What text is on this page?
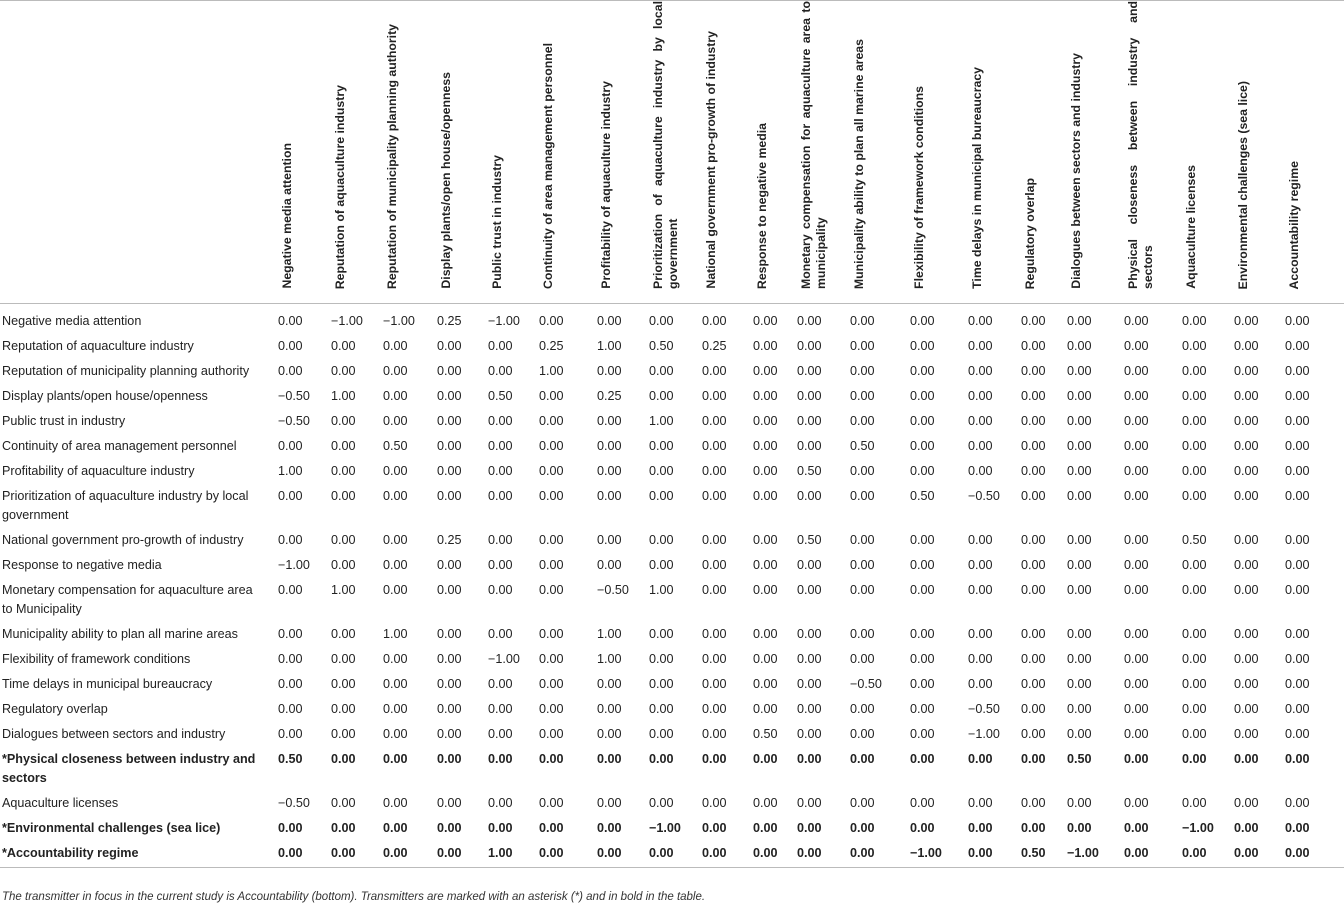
	Negative media attention	Reputation of aquaculture industry	Reputation of municipality planning authority	Display plants/open house/openness	Public trust in industry	Continuity of area management personnel	Profitability of aquaculture industry	Prioritization of aquaculture industry by local government	National government pro-growth of industry	Response to negative media	Monetary compensation for aquaculture area to municipality	Municipality ability to plan all marine areas	Flexibility of framework conditions	Time delays in municipal bureaucracy	Regulatory overlap	Dialogues between sectors and industry	Physical closeness between industry and sectors	Aquaculture licenses	Environmental challenges (sea lice)	Accountability regime

Negative media attention	0.00	−1.00	−1.00	0.25	−1.00	0.00	0.00	0.00	0.00	0.00	0.00	0.00	0.00	0.00	0.00	0.00	0.00	0.00	0.00	0.00
Reputation of aquaculture industry	0.00	0.00	0.00	0.00	0.00	0.25	1.00	0.50	0.25	0.00	0.00	0.00	0.00	0.00	0.00	0.00	0.00	0.00	0.00	0.00
Reputation of municipality planning authority	0.00	0.00	0.00	0.00	0.00	1.00	0.00	0.00	0.00	0.00	0.00	0.00	0.00	0.00	0.00	0.00	0.00	0.00	0.00	0.00
Display plants/open house/openness	−0.50	1.00	0.00	0.00	0.50	0.00	0.25	0.00	0.00	0.00	0.00	0.00	0.00	0.00	0.00	0.00	0.00	0.00	0.00	0.00
Public trust in industry	−0.50	0.00	0.00	0.00	0.00	0.00	0.00	1.00	0.00	0.00	0.00	0.00	0.00	0.00	0.00	0.00	0.00	0.00	0.00	0.00
Continuity of area management personnel	0.00	0.00	0.50	0.00	0.00	0.00	0.00	0.00	0.00	0.00	0.00	0.50	0.00	0.00	0.00	0.00	0.00	0.00	0.00	0.00
Profitability of aquaculture industry	1.00	0.00	0.00	0.00	0.00	0.00	0.00	0.00	0.00	0.00	0.50	0.00	0.00	0.00	0.00	0.00	0.00	0.00	0.00	0.00
Prioritization of aquaculture industry by local government	0.00	0.00	0.00	0.00	0.00	0.00	0.00	0.00	0.00	0.00	0.00	0.00	0.50	−0.50	0.00	0.00	0.00	0.00	0.00	0.00
National government pro-growth of industry	0.00	0.00	0.00	0.25	0.00	0.00	0.00	0.00	0.00	0.00	0.50	0.00	0.00	0.00	0.00	0.00	0.00	0.50	0.00	0.00
Response to negative media	−1.00	0.00	0.00	0.00	0.00	0.00	0.00	0.00	0.00	0.00	0.00	0.00	0.00	0.00	0.00	0.00	0.00	0.00	0.00	0.00
Monetary compensation for aquaculture area to Municipality	0.00	1.00	0.00	0.00	0.00	0.00	−0.50	1.00	0.00	0.00	0.00	0.00	0.00	0.00	0.00	0.00	0.00	0.00	0.00	0.00
Municipality ability to plan all marine areas	0.00	0.00	1.00	0.00	0.00	0.00	1.00	0.00	0.00	0.00	0.00	0.00	0.00	0.00	0.00	0.00	0.00	0.00	0.00	0.00
Flexibility of framework conditions	0.00	0.00	0.00	0.00	−1.00	0.00	1.00	0.00	0.00	0.00	0.00	0.00	0.00	0.00	0.00	0.00	0.00	0.00	0.00	0.00
Time delays in municipal bureaucracy	0.00	0.00	0.00	0.00	0.00	0.00	0.00	0.00	0.00	0.00	0.00	−0.50	0.00	0.00	0.00	0.00	0.00	0.00	0.00	0.00
Regulatory overlap	0.00	0.00	0.00	0.00	0.00	0.00	0.00	0.00	0.00	0.00	0.00	0.00	0.00	−0.50	0.00	0.00	0.00	0.00	0.00	0.00
Dialogues between sectors and industry	0.00	0.00	0.00	0.00	0.00	0.00	0.00	0.00	0.00	0.50	0.00	0.00	0.00	−1.00	0.00	0.00	0.00	0.00	0.00	0.00
*Physical closeness between industry and sectors	0.50	0.00	0.00	0.00	0.00	0.00	0.00	0.00	0.00	0.00	0.00	0.00	0.00	0.00	0.00	0.50	0.00	0.00	0.00	0.00
Aquaculture licenses	−0.50	0.00	0.00	0.00	0.00	0.00	0.00	0.00	0.00	0.00	0.00	0.00	0.00	0.00	0.00	0.00	0.00	0.00	0.00	0.00
*Environmental challenges (sea lice)	0.00	0.00	0.00	0.00	0.00	0.00	0.00	−1.00	0.00	0.00	0.00	0.00	0.00	0.00	0.00	0.00	0.00	−1.00	0.00	0.00
*Accountability regime	0.00	0.00	0.00	0.00	1.00	0.00	0.00	0.00	0.00	0.00	0.00	0.00	−1.00	0.00	0.50	−1.00	0.00	0.00	0.00	0.00
The transmitter in focus in the current study is Accountability (bottom). Transmitters are marked with an asterisk (*) and in bold in the table.
